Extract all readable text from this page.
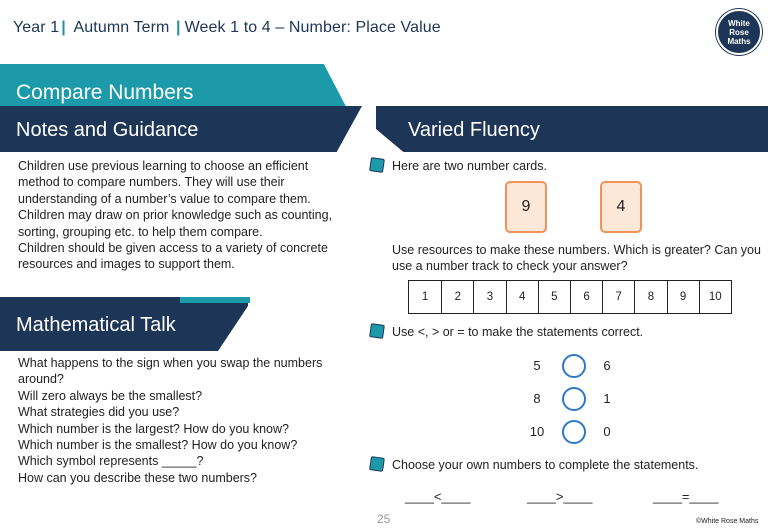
Year 1 | Autumn Term | Week 1 to 4 – Number: Place Value	White
Rose
Maths
Compare Numbers
Notes and Guidance	Varied Fluency

Children use previous learning to choose an efficient method to compare numbers. They will use their understanding of a number’s value to compare them.

Children may draw on prior knowledge such as counting, sorting, grouping etc. to help them compare.

Children should be given access to a variety of concrete resources and images to support them.

Mathematical Talk

What happens to the sign when you swap the numbers around?

Will zero always be the smallest?

What strategies did you use?

Which number is the largest? How do you know?

Which number is the smallest? How do you know?

Which symbol represents _____?

How can you describe these two numbers?

Here are two number cards.
9	4
Use resources to make these numbers. Which is greater? Can you
use a number track to check your answer?
1	2	3	4	5	6	7	8	9	10
Use <, > or = to make the statements correct.
5	6
8	1
10	0
Choose your own numbers to complete the statements.
____<____	____>____	____=____
25	©White Rose Maths
